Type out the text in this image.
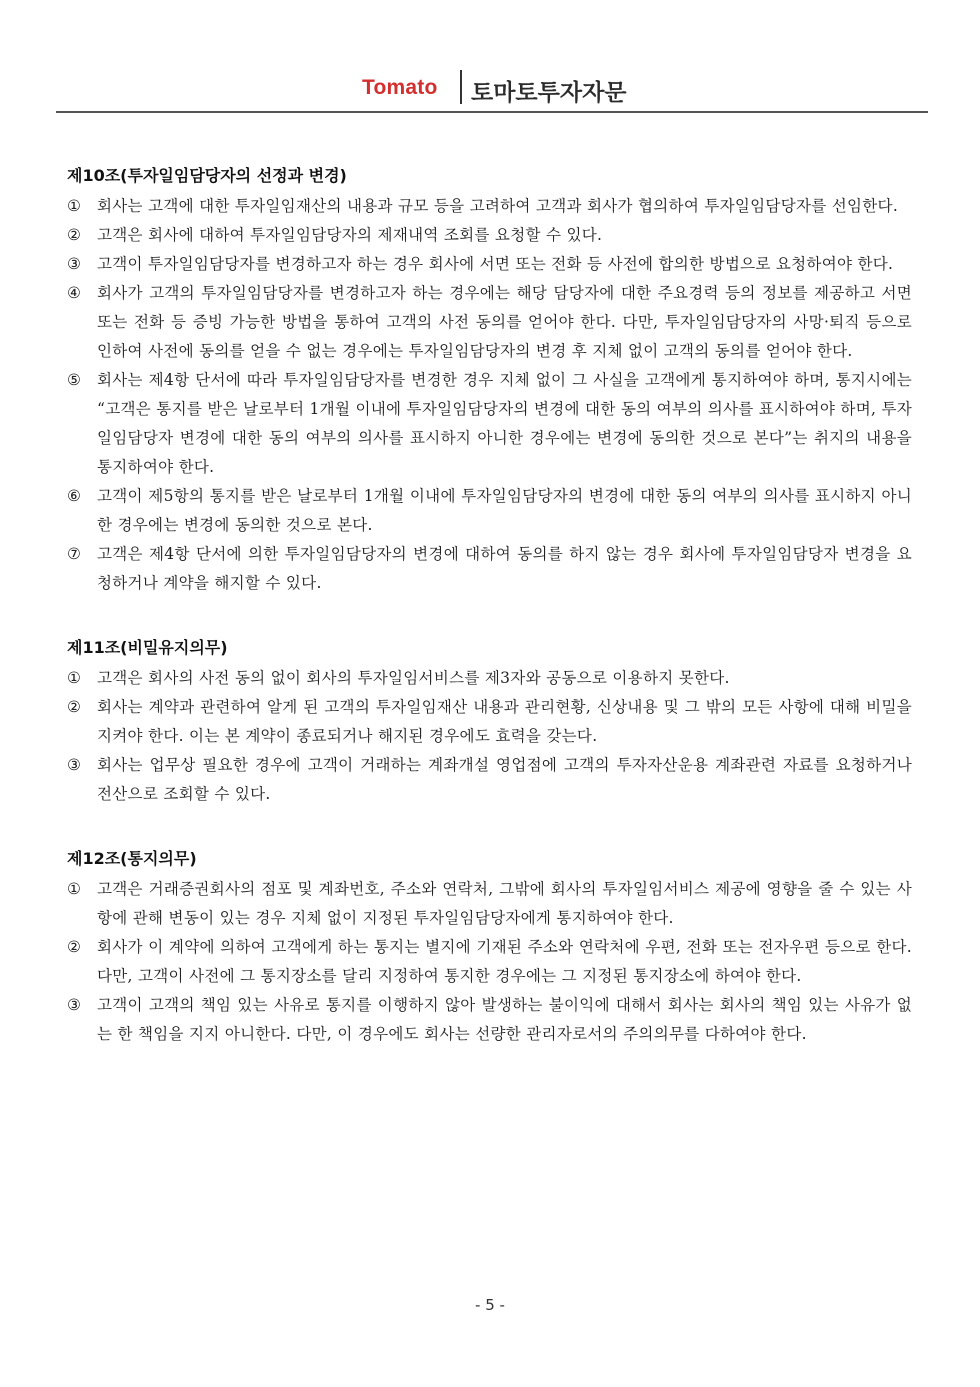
Tomato 토마토투자자문
제10조(투자일임담당자의 선정과 변경)
①	회사는 고객에 대한 투자일임재산의 내용과 규모 등을 고려하여 고객과 회사가 협의하여 투자일임담당자를 선임한다.
②	고객은 회사에 대하여 투자일임담당자의 제재내역 조회를 요청할 수 있다.
③	고객이 투자일임담당자를 변경하고자 하는 경우 회사에 서면 또는 전화 등 사전에 합의한 방법으로 요청하여야 한다.
④	회사가 고객의 투자일임담당자를 변경하고자 하는 경우에는 해당 담당자에 대한 주요경력 등의 정보를 제공하고 서면 또는 전화 등 증빙 가능한 방법을 통하여 고객의 사전 동의를 얻어야 한다. 다만, 투자일임담당자의 사망·퇴직 등으로 인하여 사전에 동의를 얻을 수 없는 경우에는 투자일임담당자의 변경 후 지체 없이 고객의 동의를 얻어야 한다.
⑤	회사는 제4항 단서에 따라 투자일임담당자를 변경한 경우 지체 없이 그 사실을 고객에게 통지하여야 하며, 통지시에는 “고객은 통지를 받은 날로부터 1개월 이내에 투자일임담당자의 변경에 대한 동의 여부의 의사를 표시하여야 하며, 투자일임담당자 변경에 대한 동의 여부의 의사를 표시하지 아니한 경우에는 변경에 동의한 것으로 본다”는 취지의 내용을 통지하여야 한다.
⑥	고객이 제5항의 통지를 받은 날로부터 1개월 이내에 투자일임담당자의 변경에 대한 동의 여부의 의사를 표시하지 아니한 경우에는 변경에 동의한 것으로 본다.
⑦	고객은 제4항 단서에 의한 투자일임담당자의 변경에 대하여 동의를 하지 않는 경우 회사에 투자일임담당자 변경을 요청하거나 계약을 해지할 수 있다.
제11조(비밀유지의무)
①	고객은 회사의 사전 동의 없이 회사의 투자일임서비스를 제3자와 공동으로 이용하지 못한다.
②	회사는 계약과 관련하여 알게 된 고객의 투자일임재산 내용과 관리현황, 신상내용 및 그 밖의 모든 사항에 대해 비밀을 지켜야 한다. 이는 본 계약이 종료되거나 해지된 경우에도 효력을 갖는다.
③	회사는 업무상 필요한 경우에 고객이 거래하는 계좌개설 영업점에 고객의 투자자산운용 계좌관련 자료를 요청하거나 전산으로 조회할 수 있다.
제12조(통지의무)
①	고객은 거래증권회사의 점포 및 계좌번호, 주소와 연락처, 그밖에 회사의 투자일임서비스 제공에 영향을 줄 수 있는 사항에 관해 변동이 있는 경우 지체 없이 지정된 투자일임담당자에게 통지하여야 한다.
②	회사가 이 계약에 의하여 고객에게 하는 통지는 별지에 기재된 주소와 연락처에 우편, 전화 또는 전자우편 등으로 한다. 다만, 고객이 사전에 그 통지장소를 달리 지정하여 통지한 경우에는 그 지정된 통지장소에 하여야 한다.
③	고객이 고객의 책임 있는 사유로 통지를 이행하지 않아 발생하는 불이익에 대해서 회사는 회사의 책임 있는 사유가 없는 한 책임을 지지 아니한다. 다만, 이 경우에도 회사는 선량한 관리자로서의 주의의무를 다하여야 한다.
- 5 -
